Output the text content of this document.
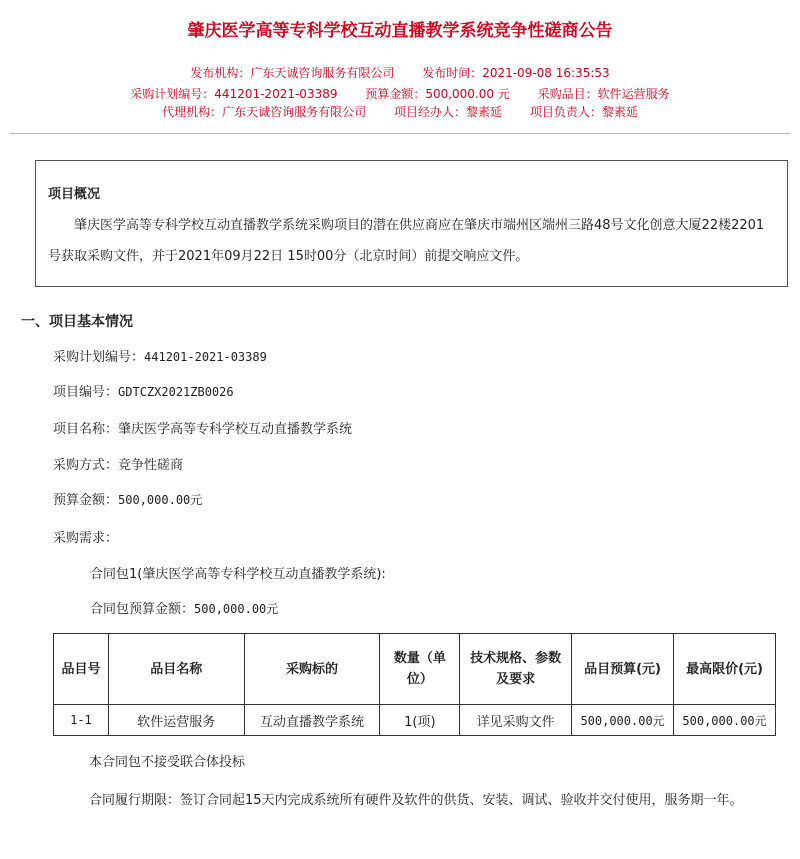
肇庆医学高等专科学校互动直播教学系统竞争性磋商公告
发布机构：广东天诚咨询服务有限公司 发布时间：2021-09-08 16:35:53
采购计划编号：441201-2021-03389 预算金额：500,000.00 元 采购品目：软件运营服务
代理机构：广东天诚咨询服务有限公司 项目经办人：黎素延 项目负责人：黎素延
项目概况
肇庆医学高等专科学校互动直播教学系统采购项目的潜在供应商应在肇庆市端州区端州三路48号文化创意大厦22楼2201号获取采购文件，并于2021年09月22日 15时00分（北京时间）前提交响应文件。
一、项目基本情况
采购计划编号：441201-2021-03389
项目编号：GDTCZX2021ZB0026
项目名称：肇庆医学高等专科学校互动直播教学系统
采购方式：竞争性磋商
预算金额：500,000.00元
采购需求：
合同包1(肇庆医学高等专科学校互动直播教学系统):
合同包预算金额：500,000.00元
品目号	品目名称	采购标的	数量（单位）	技术规格、参数及要求	品目预算(元)	最高限价(元)
1-1	软件运营服务	互动直播教学系统	1(项)	详见采购文件	500,000.00元	500,000.00元
本合同包不接受联合体投标
合同履行期限：签订合同起15天内完成系统所有硬件及软件的供货、安装、调试、验收并交付使用，服务期一年。
